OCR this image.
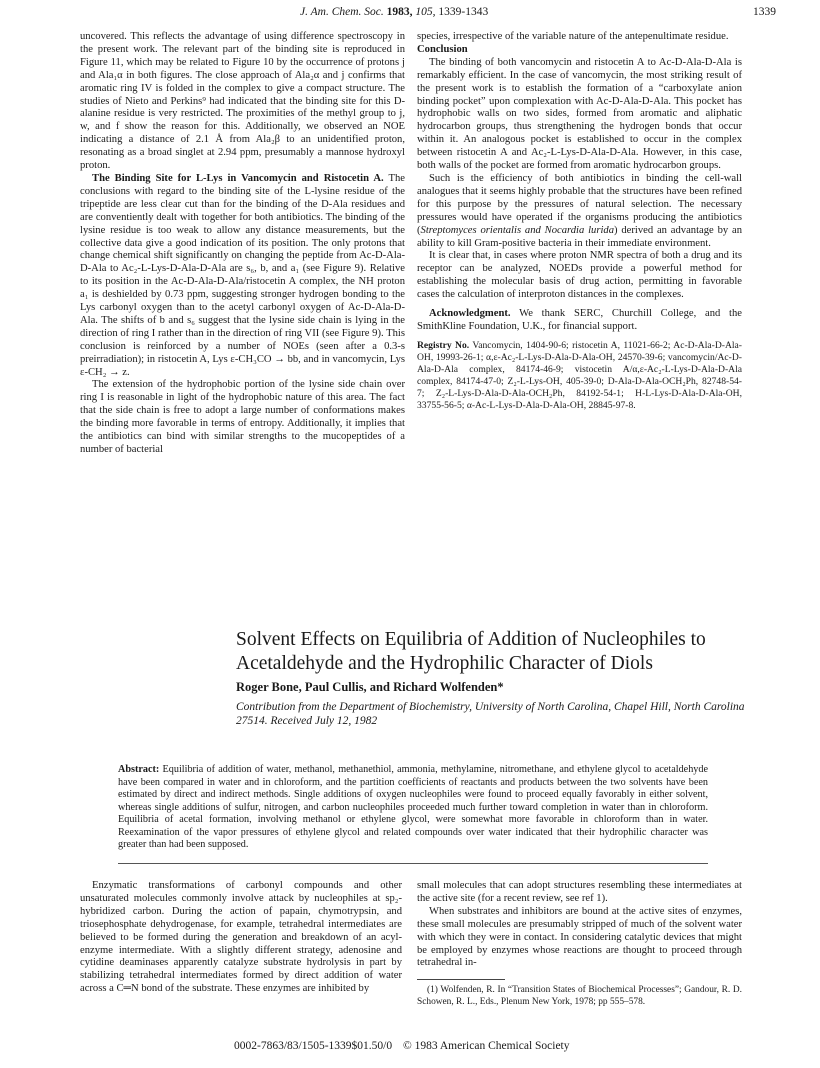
J. Am. Chem. Soc. 1983, 105, 1339-1343	1339

uncovered. This reflects the advantage of using difference spectroscopy in the present work. The relevant part of the binding site is reproduced in Figure 11, which may be related to Figure 10 by the occurrence of protons j and Ala₁α in both figures. The close approach of Ala₂α and j confirms that aromatic ring IV is folded in the complex to give a compact structure. The studies of Nieto and Perkins⁹ had indicated that the binding site for this D-alanine residue is very restricted. The proximities of the methyl group to j, w, and f show the reason for this. Additionally, we observed an NOE indicating a distance of 2.1 Å from Ala₂β to an unidentified proton, resonating as a broad singlet at 2.94 ppm, presumably a mannose hydroxyl proton.

The Binding Site for L-Lys in Vancomycin and Ristocetin A. The conclusions with regard to the binding site of the L-lysine residue of the tripeptide are less clear cut than for the binding of the D-Ala residues and are conventiently dealt with together for both antibiotics. The binding of the lysine residue is too weak to allow any distance measurements, but the collective data give a good indication of its position. The only protons that change chemical shift significantly on changing the peptide from Ac-D-Ala-D-Ala to Ac₂-L-Lys-D-Ala-D-Ala are s₆, b, and a₁ (see Figure 9). Relative to its position in the Ac-D-Ala-D-Ala/ristocetin A complex, the NH proton a₁ is deshielded by 0.73 ppm, suggesting stronger hydrogen bonding to the Lys carbonyl oxygen than to the acetyl carbonyl oxygen of Ac-D-Ala-D-Ala. The shifts of b and s₆ suggest that the lysine side chain is lying in the direction of ring I rather than in the direction of ring VII (see Figure 9). This conclusion is reinforced by a number of NOEs (seen after a 0.3-s preirradiation); in ristocetin A, Lys ε-CH₃CO → bb, and in vancomycin, Lys ε-CH₂ → z.

The extension of the hydrophobic portion of the lysine side chain over ring I is reasonable in light of the hydrophobic nature of this area. The fact that the side chain is free to adopt a large number of conformations makes the binding more favorable in terms of entropy. Additionally, it implies that the antibiotics can bind with similar strengths to the mucopeptides of a number of bacterial

species, irrespective of the variable nature of the antepenultimate residue.

Conclusion

The binding of both vancomycin and ristocetin A to Ac-D-Ala-D-Ala is remarkably efficient. In the case of vancomycin, the most striking result of the present work is to establish the formation of a “carboxylate anion binding pocket” upon complexation with Ac-D-Ala-D-Ala. This pocket has hydrophobic walls on two sides, formed from aromatic and aliphatic hydrocarbon groups, thus strengthening the hydrogen bonds that occur within it. An analogous pocket is established to occur in the complex between ristocetin A and Ac₂-L-Lys-D-Ala-D-Ala. However, in this case, both walls of the pocket are formed from aromatic hydrocarbon groups.

Such is the efficiency of both antibiotics in binding the cell-wall analogues that it seems highly probable that the structures have been refined for this purpose by the pressures of natural selection. The necessary pressures would have operated if the organisms producing the antibiotics (Streptomyces orientalis and Nocardia lurida) derived an advantage by an ability to kill Gram-positive bacteria in their immediate environment.

It is clear that, in cases where proton NMR spectra of both a drug and its receptor can be analyzed, NOEDs provide a powerful method for establishing the molecular basis of drug action, permitting in favorable cases the calculation of interproton distances in the complexes.

Acknowledgment. We thank SERC, Churchill College, and the SmithKline Foundation, U.K., for financial support.

Registry No. Vancomycin, 1404-90-6; ristocetin A, 11021-66-2; Ac-D-Ala-D-Ala-OH, 19993-26-1; α,ε-Ac₂-L-Lys-D-Ala-D-Ala-OH, 24570-39-6; vancomycin/Ac-D-Ala-D-Ala complex, 84174-46-9; vistocetin A/α,ε-Ac₂-L-Lys-D-Ala-D-Ala complex, 84174-47-0; Z₂-L-Lys-OH, 405-39-0; D-Ala-D-Ala-OCH₂Ph, 82748-54-7; Z₂-L-Lys-D-Ala-D-Ala-OCH₂Ph, 84192-54-1; H-L-Lys-D-Ala-D-Ala-OH, 33755-56-5; α-Ac-L-Lys-D-Ala-D-Ala-OH, 28845-97-8.

Solvent Effects on Equilibria of Addition of Nucleophiles to Acetaldehyde and the Hydrophilic Character of Diols
Roger Bone, Paul Cullis, and Richard Wolfenden*
Contribution from the Department of Biochemistry, University of North Carolina, Chapel Hill, North Carolina 27514. Received July 12, 1982
Abstract: Equilibria of addition of water, methanol, methanethiol, ammonia, methylamine, nitromethane, and ethylene glycol to acetaldehyde have been compared in water and in chloroform, and the partition coefficients of reactants and products between the two solvents have been estimated by direct and indirect methods. Single additions of oxygen nucleophiles were found to proceed equally favorably in either solvent, whereas single additions of sulfur, nitrogen, and carbon nucleophiles proceeded much further toward completion in water than in chloroform. Equilibria of acetal formation, involving methanol or ethylene glycol, were somewhat more favorable in chloroform than in water. Reexamination of the vapor pressures of ethylene glycol and related compounds over water indicated that their hydrophilic character was greater than had been supposed.

Enzymatic transformations of carbonyl compounds and other unsaturated molecules commonly involve attack by nucleophiles at sp₂-hybridized carbon. During the action of papain, chymotrypsin, and triosephosphate dehydrogenase, for example, tetrahedral intermediates are believed to be formed during the generation and breakdown of an acyl-enzyme intermediate. With a slightly different strategy, adenosine and cytidine deaminases apparently catalyze substrate hydrolysis in part by stabilizing tetrahedral intermediates formed by direct addition of water across a C═N bond of the substrate. These enzymes are inhibited by

small molecules that can adopt structures resembling these intermediates at the active site (for a recent review, see ref 1).

When substrates and inhibitors are bound at the active sites of enzymes, these small molecules are presumably stripped of much of the solvent water with which they were in contact. In considering catalytic devices that might be employed by enzymes whose reactions are thought to proceed through tetrahedral in-

(1) Wolfenden, R. In “Transition States of Biochemical Processes”; Gandour, R. D. Schowen, R. L., Eds., Plenum New York, 1978; pp 555–578.

0002-7863/83/1505-1339$01.50/0 © 1983 American Chemical Society
